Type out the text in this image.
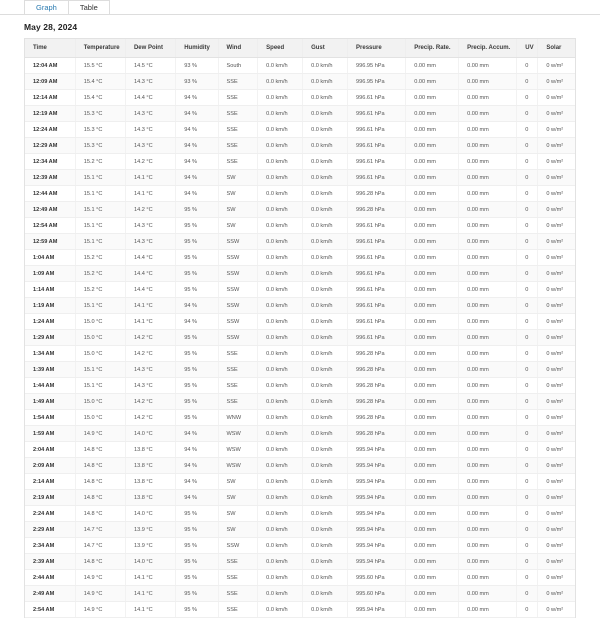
Graph	Table
May 28, 2024
Time	Temperature	Dew Point	Humidity	Wind	Speed	Gust	Pressure	Precip. Rate.	Precip. Accum.	UV	Solar
12:04 AM	15.5 °C	14.5 °C	93 %	South	0.0 km/h	0.0 km/h	996.95 hPa	0.00 mm	0.00 mm	0	0 w/m²
12:09 AM	15.4 °C	14.3 °C	93 %	SSE	0.0 km/h	0.0 km/h	996.95 hPa	0.00 mm	0.00 mm	0	0 w/m²
12:14 AM	15.4 °C	14.4 °C	94 %	SSE	0.0 km/h	0.0 km/h	996.61 hPa	0.00 mm	0.00 mm	0	0 w/m²
12:19 AM	15.3 °C	14.3 °C	94 %	SSE	0.0 km/h	0.0 km/h	996.61 hPa	0.00 mm	0.00 mm	0	0 w/m²
12:24 AM	15.3 °C	14.3 °C	94 %	SSE	0.0 km/h	0.0 km/h	996.61 hPa	0.00 mm	0.00 mm	0	0 w/m²
12:29 AM	15.3 °C	14.3 °C	94 %	SSE	0.0 km/h	0.0 km/h	996.61 hPa	0.00 mm	0.00 mm	0	0 w/m²
12:34 AM	15.2 °C	14.2 °C	94 %	SSE	0.0 km/h	0.0 km/h	996.61 hPa	0.00 mm	0.00 mm	0	0 w/m²
12:39 AM	15.1 °C	14.1 °C	94 %	SW	0.0 km/h	0.0 km/h	996.61 hPa	0.00 mm	0.00 mm	0	0 w/m²
12:44 AM	15.1 °C	14.1 °C	94 %	SW	0.0 km/h	0.0 km/h	996.28 hPa	0.00 mm	0.00 mm	0	0 w/m²
12:49 AM	15.1 °C	14.2 °C	95 %	SW	0.0 km/h	0.0 km/h	996.28 hPa	0.00 mm	0.00 mm	0	0 w/m²
12:54 AM	15.1 °C	14.3 °C	95 %	SW	0.0 km/h	0.0 km/h	996.61 hPa	0.00 mm	0.00 mm	0	0 w/m²
12:59 AM	15.1 °C	14.3 °C	95 %	SSW	0.0 km/h	0.0 km/h	996.61 hPa	0.00 mm	0.00 mm	0	0 w/m²
1:04 AM	15.2 °C	14.4 °C	95 %	SSW	0.0 km/h	0.0 km/h	996.61 hPa	0.00 mm	0.00 mm	0	0 w/m²
1:09 AM	15.2 °C	14.4 °C	95 %	SSW	0.0 km/h	0.0 km/h	996.61 hPa	0.00 mm	0.00 mm	0	0 w/m²
1:14 AM	15.2 °C	14.4 °C	95 %	SSW	0.0 km/h	0.0 km/h	996.61 hPa	0.00 mm	0.00 mm	0	0 w/m²
1:19 AM	15.1 °C	14.1 °C	94 %	SSW	0.0 km/h	0.0 km/h	996.61 hPa	0.00 mm	0.00 mm	0	0 w/m²
1:24 AM	15.0 °C	14.1 °C	94 %	SSW	0.0 km/h	0.0 km/h	996.61 hPa	0.00 mm	0.00 mm	0	0 w/m²
1:29 AM	15.0 °C	14.2 °C	95 %	SSW	0.0 km/h	0.0 km/h	996.61 hPa	0.00 mm	0.00 mm	0	0 w/m²
1:34 AM	15.0 °C	14.2 °C	95 %	SSE	0.0 km/h	0.0 km/h	996.28 hPa	0.00 mm	0.00 mm	0	0 w/m²
1:39 AM	15.1 °C	14.3 °C	95 %	SSE	0.0 km/h	0.0 km/h	996.28 hPa	0.00 mm	0.00 mm	0	0 w/m²
1:44 AM	15.1 °C	14.3 °C	95 %	SSE	0.0 km/h	0.0 km/h	996.28 hPa	0.00 mm	0.00 mm	0	0 w/m²
1:49 AM	15.0 °C	14.2 °C	95 %	SSE	0.0 km/h	0.0 km/h	996.28 hPa	0.00 mm	0.00 mm	0	0 w/m²
1:54 AM	15.0 °C	14.2 °C	95 %	WNW	0.0 km/h	0.0 km/h	996.28 hPa	0.00 mm	0.00 mm	0	0 w/m²
1:59 AM	14.9 °C	14.0 °C	94 %	WSW	0.0 km/h	0.0 km/h	996.28 hPa	0.00 mm	0.00 mm	0	0 w/m²
2:04 AM	14.8 °C	13.8 °C	94 %	WSW	0.0 km/h	0.0 km/h	995.94 hPa	0.00 mm	0.00 mm	0	0 w/m²
2:09 AM	14.8 °C	13.8 °C	94 %	WSW	0.0 km/h	0.0 km/h	995.94 hPa	0.00 mm	0.00 mm	0	0 w/m²
2:14 AM	14.8 °C	13.8 °C	94 %	SW	0.0 km/h	0.0 km/h	995.94 hPa	0.00 mm	0.00 mm	0	0 w/m²
2:19 AM	14.8 °C	13.8 °C	94 %	SW	0.0 km/h	0.0 km/h	995.94 hPa	0.00 mm	0.00 mm	0	0 w/m²
2:24 AM	14.8 °C	14.0 °C	95 %	SW	0.0 km/h	0.0 km/h	995.94 hPa	0.00 mm	0.00 mm	0	0 w/m²
2:29 AM	14.7 °C	13.9 °C	95 %	SW	0.0 km/h	0.0 km/h	995.94 hPa	0.00 mm	0.00 mm	0	0 w/m²
2:34 AM	14.7 °C	13.9 °C	95 %	SSW	0.0 km/h	0.0 km/h	995.94 hPa	0.00 mm	0.00 mm	0	0 w/m²
2:39 AM	14.8 °C	14.0 °C	95 %	SSE	0.0 km/h	0.0 km/h	995.94 hPa	0.00 mm	0.00 mm	0	0 w/m²
2:44 AM	14.9 °C	14.1 °C	95 %	SSE	0.0 km/h	0.0 km/h	995.60 hPa	0.00 mm	0.00 mm	0	0 w/m²
2:49 AM	14.9 °C	14.1 °C	95 %	SSE	0.0 km/h	0.0 km/h	995.60 hPa	0.00 mm	0.00 mm	0	0 w/m²
2:54 AM	14.9 °C	14.1 °C	95 %	SSE	0.0 km/h	0.0 km/h	995.94 hPa	0.00 mm	0.00 mm	0	0 w/m²
